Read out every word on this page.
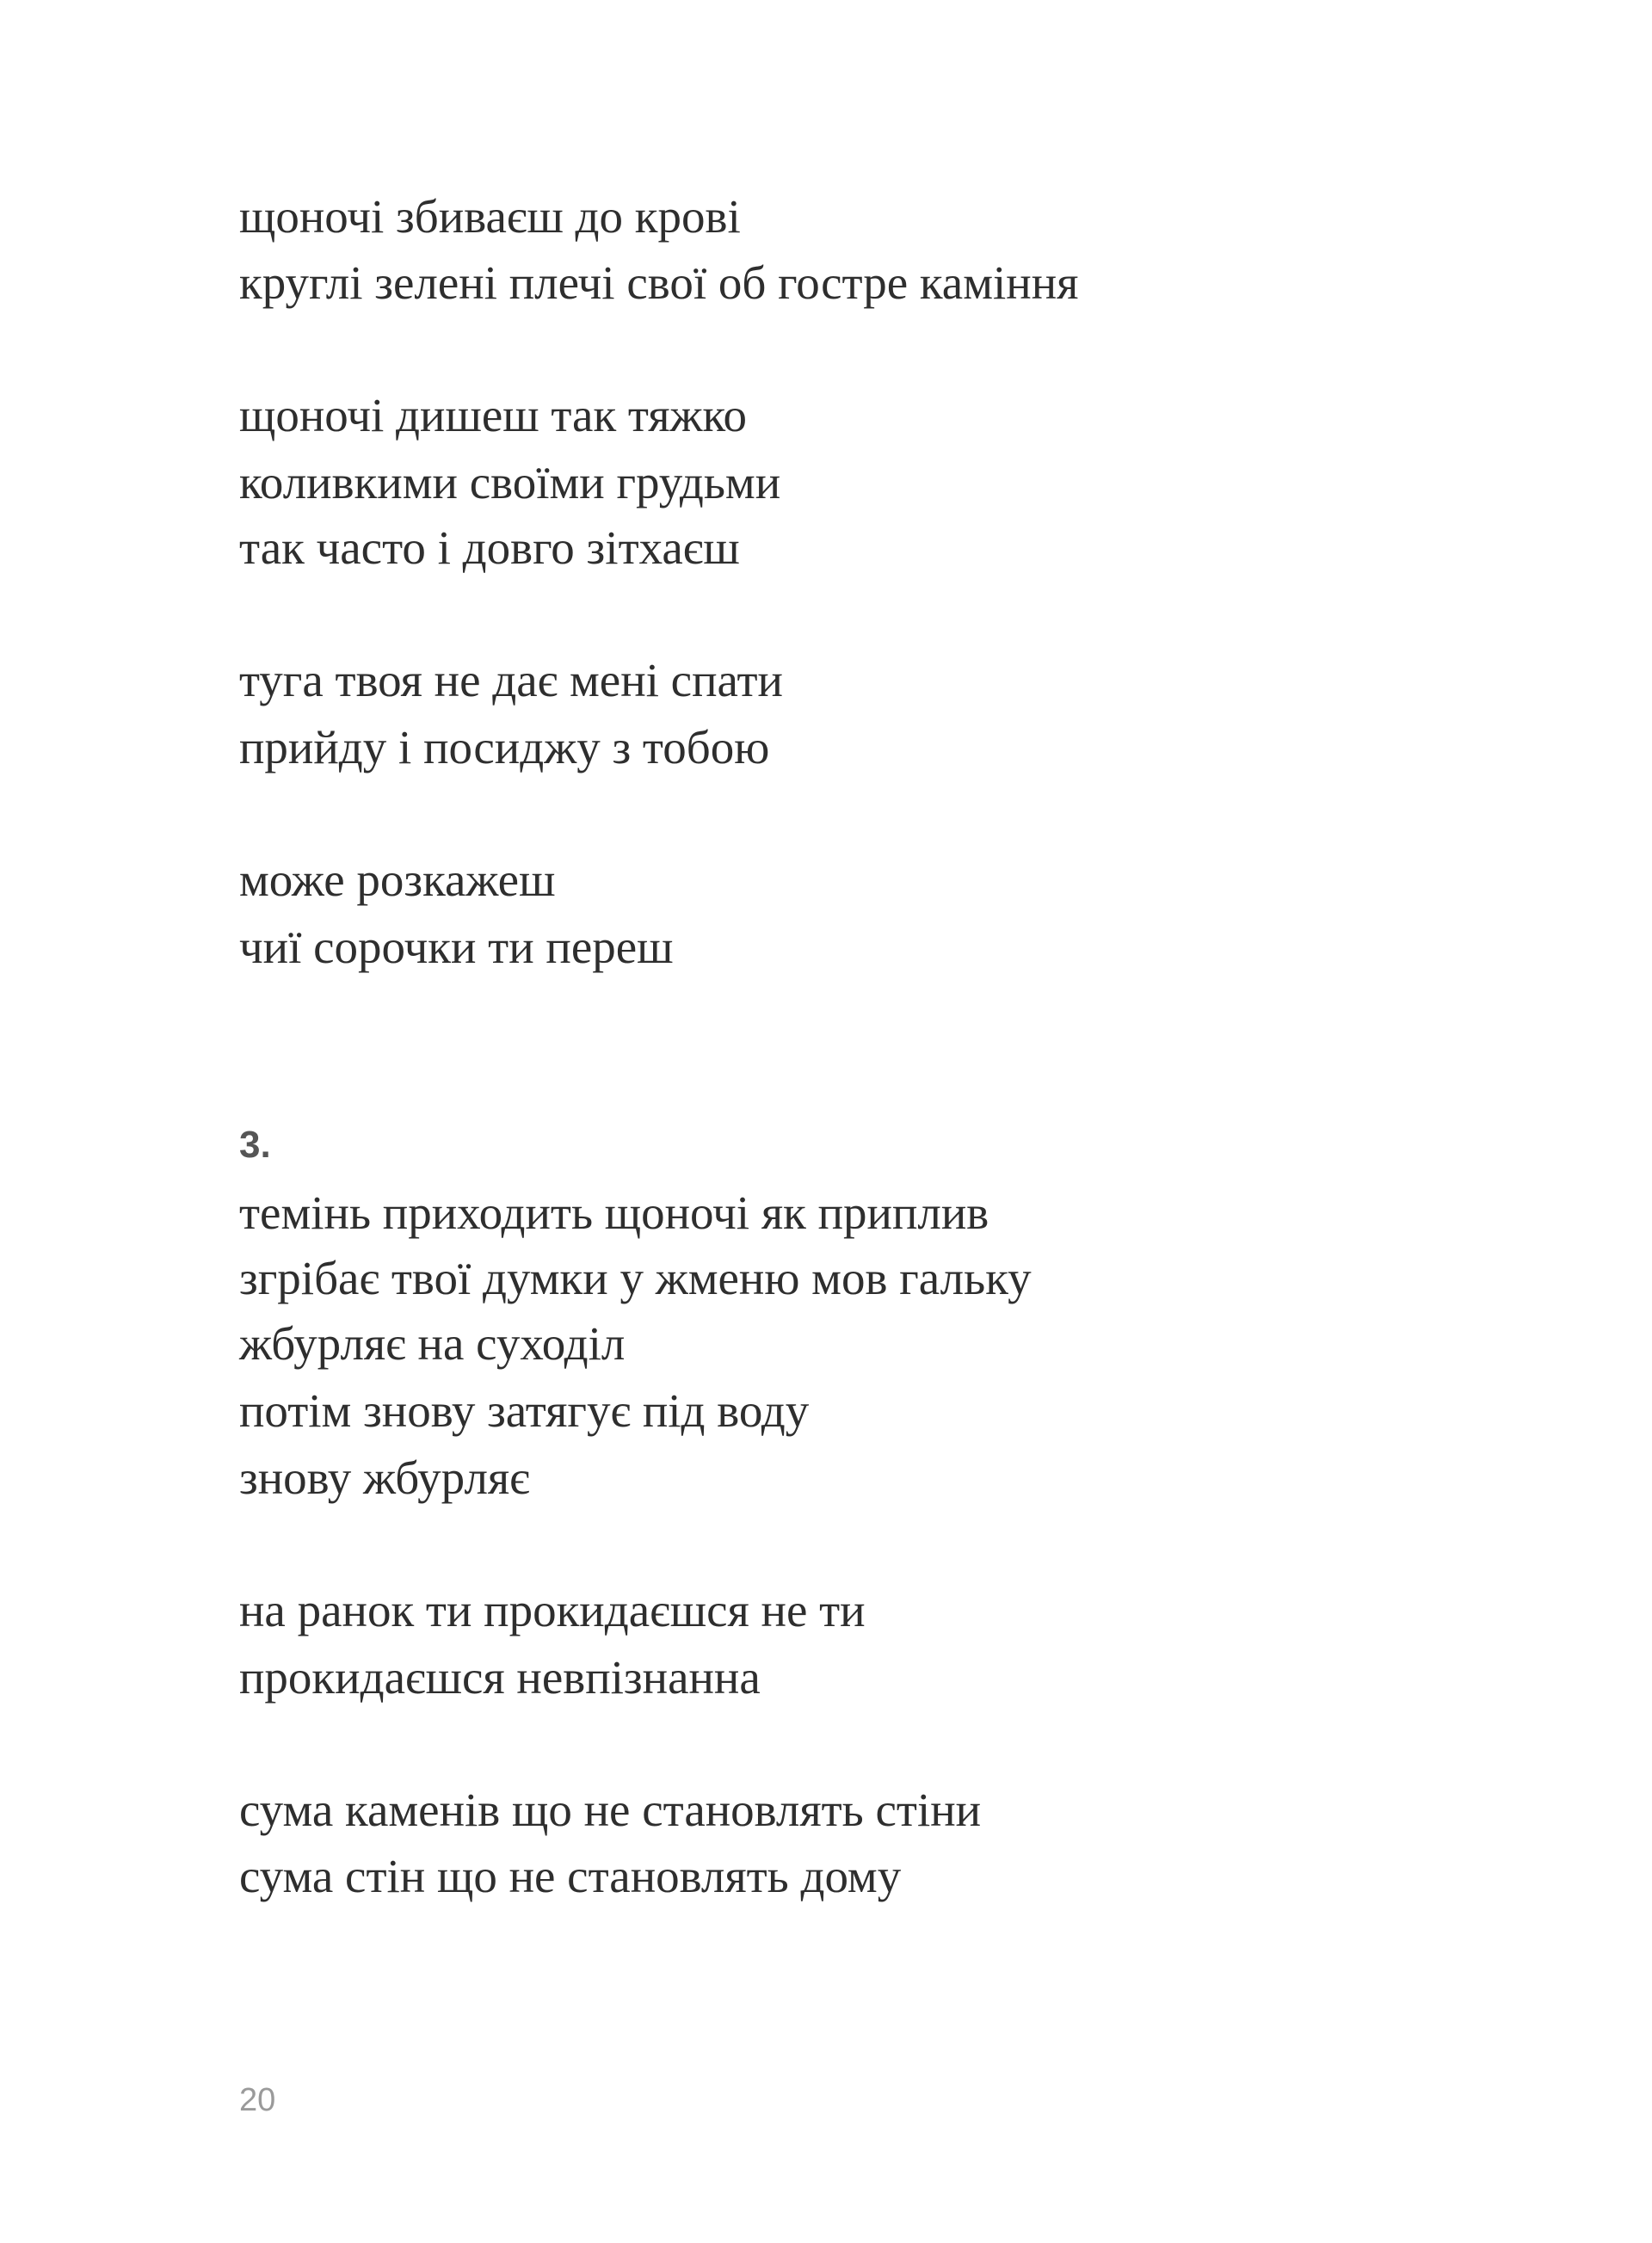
щоночі збиваєш до крові
круглі зелені плечі свої об гостре каміння
щоночі дишеш так тяжко
коливкими своїми грудьми
так часто і довго зітхаєш
туга твоя не дає мені спати
прийду і посиджу з тобою
може розкажеш
чиї сорочки ти переш
3.
темінь приходить щоночі як приплив
згрібає твої думки у жменю мов гальку
жбурляє на суходіл
потім знову затягує під воду
знову жбурляє
на ранок ти прокидаєшся не ти
прокидаєшся невпізнанна
сума каменів що не становлять стіни
сума стін що не становлять дому
20
